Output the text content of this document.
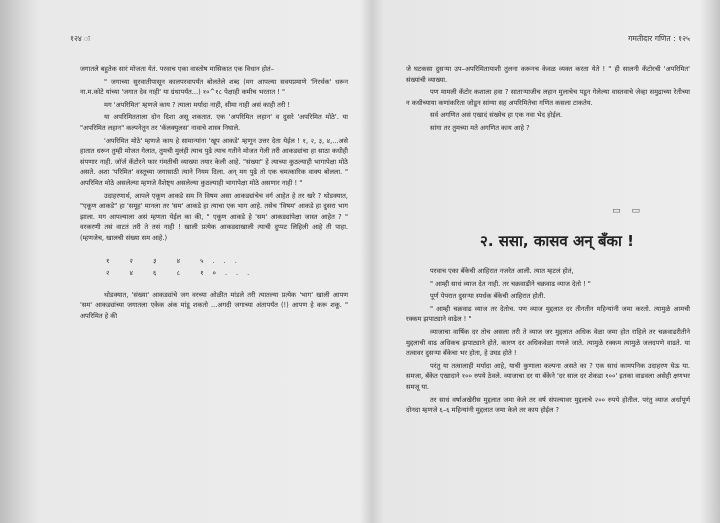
१२४ ः

जगातले बहुतेक सारं मोजता येतं. परवाच एका वास्तोष मासिकात एक विधान होतं–

" जगाच्या सुरवातीपासून कालपरवापर्यंत बोलतेले शब्द (मग आपल्या सवयप्रमाणे 'निरर्थक' धरून ना.म.कोटे यांच्या 'जगात देव नाही' या ग्रंथापर्यंत...) १०^१८ पेक्षाही कमीच भरतात ! "

मग 'अपरिमित' म्हणजे काय ? त्याला मर्यादा नाही, सीमा नाही असं काही तरी !

या अपरिमितताला दोन दिशा असू शकतात. एक 'अपरिमित लहान' व दुसरे 'अपरिमित मोठे'. या "अपरिमित लहान" कल्पनेतून तर 'कॅलक्युलस' नावाचे शास्त्र निघाले.

'अपरिमित मोठे' म्हणजे काय हे सामान्यांना 'खूप आकडे' म्हणून उत्तर देता येईल ! १, २, ३, ४,...असे हातात धरून तुम्ही मोजत गेलात, तुमची मुलंही त्याच पुढे त्याच गतीने मोजत गेली तरी आकड्यांचा हा साठा कधीही संपणार नाही. जॉर्ज कँटोरने फार गंमतीची व्याख्या तयार केली आहे. "संख्या" हे त्याच्या कुठल्याही भागापेक्षा मोठे असते. अशा 'परिमित' वस्तूच्या जगासाठी त्याने नियम दिला. अन् मग पुढे तो एक चमत्कारिक वाक्य बोलला. " अपरिमित मोठे असलेल्या म्हणजे वैशेष्ट्य असलेल्या कुठल्याही भागापेक्षा मोठे असणार नाही ! "

उदाहरणार्थ, आपले एकूण आकडे सम नि विषम असा आकड्यांचेच वर्ग आहेत हे तर खरे ? थोडक्यात, "एकूण आकडे" हा 'समूह' मानला तर 'सम' आकडे हा त्याचा एक भाग आहे. तसेच 'विषम' आकडे हा दुसरा भाग झाला. मग आपल्याला असं म्हणता येईल का की, " एकूण आकडे हे 'सम' आकड्यांपेक्षा जास्त आहेत ? " वरकरणी तसं वाटतं तरी ते तसं नाही ! खाली प्रत्येक आकड्याखाली त्याची दुप्पट लिहिली आहे ती पाहा. (म्हणजेच, खालची संख्या सम आहे.)

१ २ ३ ४ ५...
२ ४ ६ ८ १०...

थोडक्यात, 'संख्या' आकड्यांचे जग वरच्या ओळीत मांडले तरी त्यातल्या प्रत्येक 'भाग' खाली आपण 'सम' आकड्यांच्या जगातला एकेक अंक मांडू शकतो ...अगदी जगाच्या अंतापर्यंत (!) आपण हे करू शकू. " अपरिमित हे की

गमतीदार गणित : १२५

जे घटकसा दुसऱ्या उप–अपरिमितायाशी तुलना करूनच केवळ व्यक्त करता येते ! " ही सालनी कँटोरची 'अपरिमित' संख्यांची व्याख्या.

पण मामली कँटोर कशाला हवा ? साताऱ्याजीच लहान मुलाचेच पडून गेलेल्या वास्तवाचे जेव्हा समुद्राच्या रेतीच्या न कधीच्याया कणांकरिता जोडून सांग्या सह अपरिमितेचा गणित कसला टाकतेय.

सर्व अगणित असं एखादं संख्येच हा एक नवा भेद होईल.

सांगा तर तुमच्या मते अगणित काय आहे ?

▭ ▭
२. ससा, कासव अन् बँका !

परवाच एका बँकेची आहिरात नजरेत आली. त्यात म्हटलं होतं,

" आम्ही साधं व्याज देत नाही. तर चक्रवाढीने चक्रवाढ व्याज देतो ! "

पूर्ण पेपरात दुसऱ्या स्पर्धक बँकेची आहिरात होती.

" आम्ही चक्रवाढ व्याज तर देतोच. पण व्याज मुद्दलात दर तीनतीन महिन्यांनी जमा करतो. त्यामुळे आमची रक्कम झपाट्याने वाढेल ! "

व्याजाचा वार्षिक दर तोच असला तरी ते व्याज जर मुद्दलात अधिक वेळा जमा होत राहिले तर चक्रवाढरीतीने मुद्दलाची वाढ अधिकच झपाट्याने होते. कारण दर अधिकवेळा गणले जाते. त्यामुळे रक्कम त्यामुळे जलदपणे वाढते. या तत्वावर दुसऱ्या बँकेचा भर होता, हे उघड होते !

परंतु या तत्वालाही मर्यादा आहे, याची कुणाला कल्पना असते का ? एक साधं कामपनिक उदाहरण घेऊ या. समजा, बँकेत एखादाने १०० रुपये ठेवले. व्याजाचा दर या बँकेने 'दर साल दर शेकडा १००' इतका वाढवला असेही क्षणभर समजू या.

तर साधं वर्षाअखेरीस मुद्दलात जमा केले तर वर्ष संपल्यावर मुद्दलाचे २०० रुपये होतील. परंतु व्याज अर्धापूर्ण दोनदा म्हणजे ६–६ महिन्यांनी मुद्दलात जमा केले तर काय होईल ?
